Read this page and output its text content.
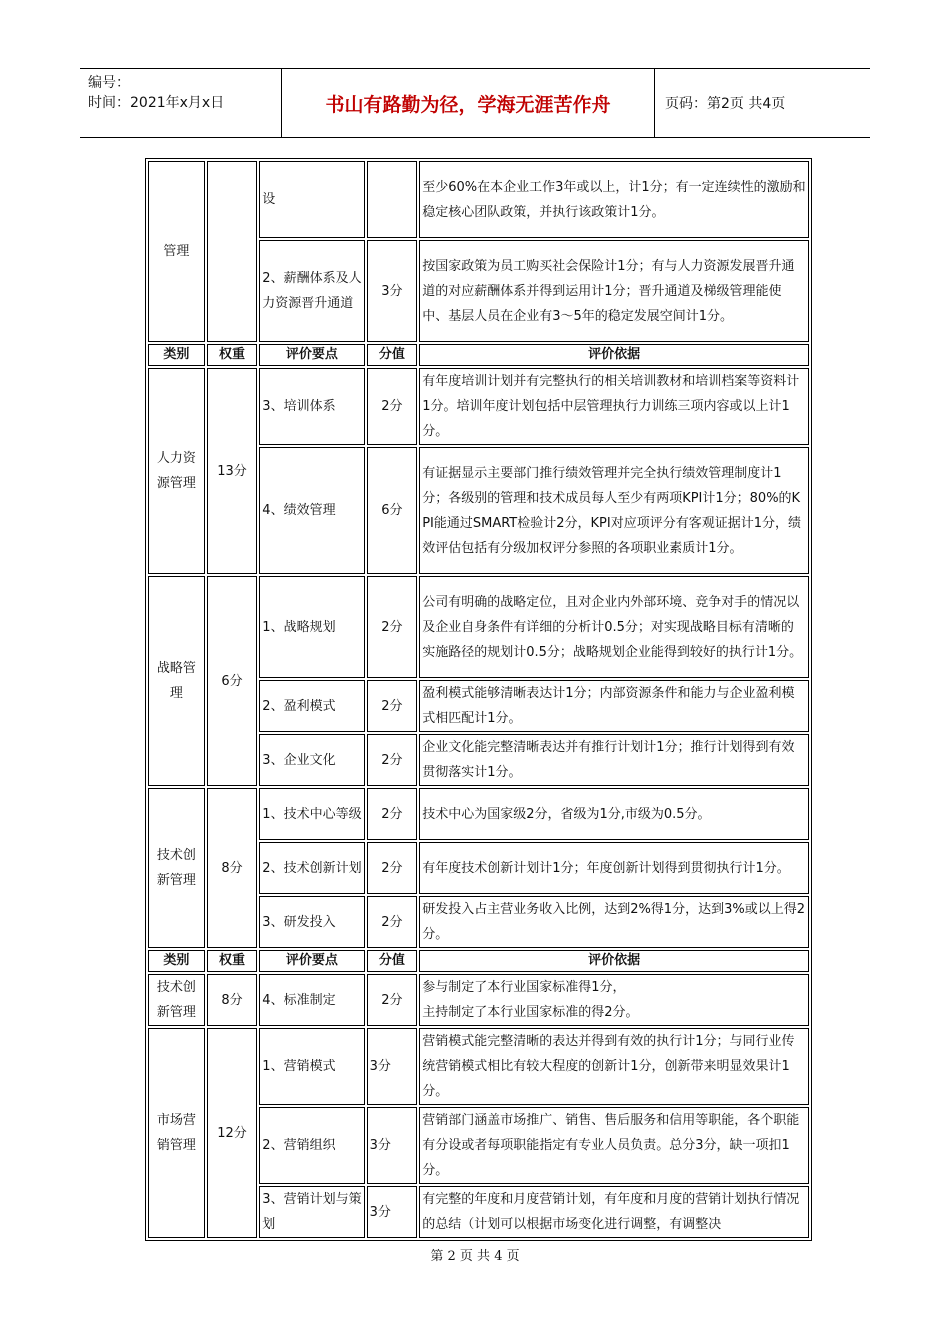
编号：
时间：2021年x月x日	书山有路勤为径，学海无涯苦作舟	页码：第2页 共4页
管理		设		至少60%在本企业工作3年或以上，计1分；有一定连续性的激励和稳定核心团队政策，并执行该政策计1分。
		2、薪酬体系及人力资源晋升通道	3分	按国家政策为员工购买社会保险计1分；有与人力资源发展晋升通道的对应薪酬体系并得到运用计1分；晋升通道及梯级管理能使中、基层人员在企业有3～5年的稳定发展空间计1分。
类别	权重	评价要点	分值	评价依据
人力资源管理	13分	3、培训体系	2分	有年度培训计划并有完整执行的相关培训教材和培训档案等资料计1分。培训年度计划包括中层管理执行力训练三项内容或以上计1分。
		4、绩效管理	6分	有证据显示主要部门推行绩效管理并完全执行绩效管理制度计1分；各级别的管理和技术成员每人至少有两项KPI计1分；80%的KPI能通过SMART检验计2分，KPI对应项评分有客观证据计1分，绩效评估包括有分级加权评分参照的各项职业素质计1分。
战略管理	6分	1、战略规划	2分	公司有明确的战略定位，且对企业内外部环境、竞争对手的情况以及企业自身条件有详细的分析计0.5分；对实现战略目标有清晰的实施路径的规划计0.5分；战略规划企业能得到较好的执行计1分。
		2、盈利模式	2分	盈利模式能够清晰表达计1分；内部资源条件和能力与企业盈利模式相匹配计1分。
		3、企业文化	2分	企业文化能完整清晰表达并有推行计划计1分；推行计划得到有效贯彻落实计1分。
技术创新管理	8分	1、技术中心等级	2分	技术中心为国家级2分，省级为1分,市级为0.5分。
		2、技术创新计划	2分	有年度技术创新计划计1分；年度创新计划得到贯彻执行计1分。
		3、研发投入	2分	研发投入占主营业务收入比例，达到2%得1分，达到3%或以上得2分。
类别	权重	评价要点	分值	评价依据
技术创新管理	8分	4、标准制定	2分	参与制定了本行业国家标准得1分，
主持制定了本行业国家标准的得2分。

市场营销管理	12分	1、营销模式	3分	营销模式能完整清晰的表达并得到有效的执行计1分；与同行业传统营销模式相比有较大程度的创新计1分，创新带来明显效果计1分。
		2、营销组织	3分	营销部门涵盖市场推广、销售、售后服务和信用等职能，各个职能有分设或者每项职能指定有专业人员负责。总分3分，缺一项扣1分。
		3、营销计划与策划	3分	有完整的年度和月度营销计划，有年度和月度的营销计划执行情况的总结（计划可以根据市场变化进行调整，有调整决
第 2 页 共 4 页
